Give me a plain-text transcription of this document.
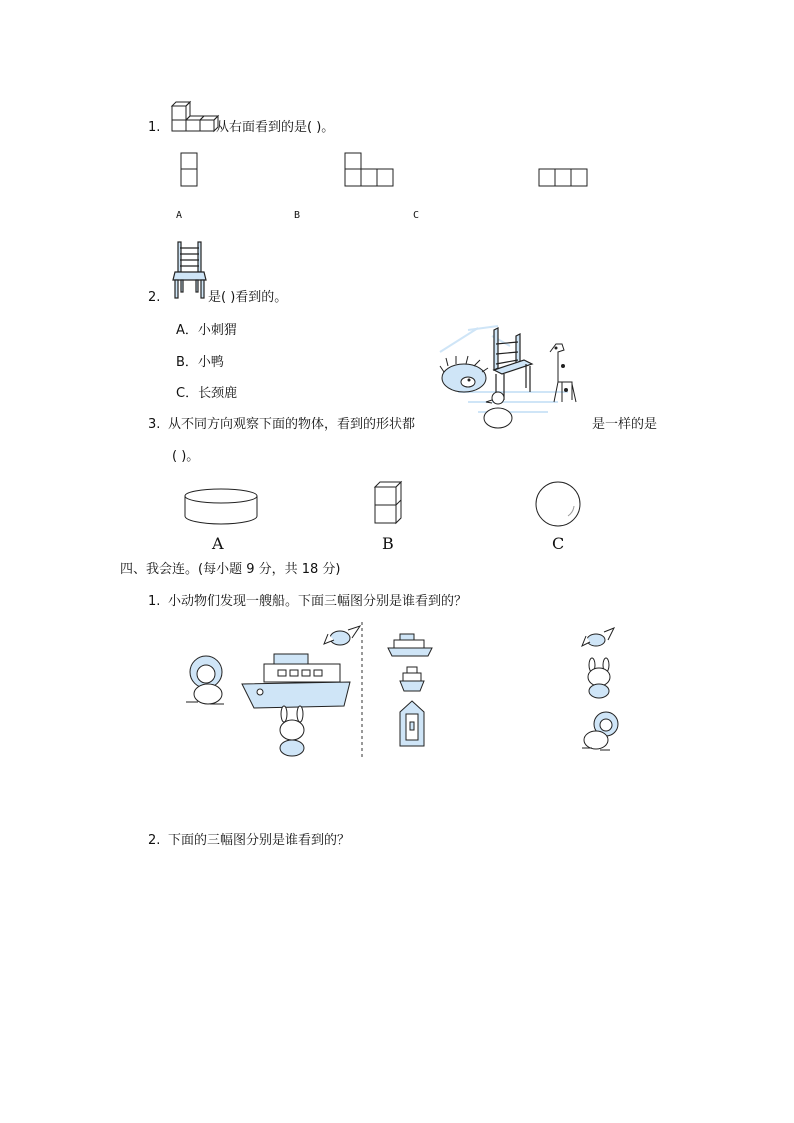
1.	从右面看到的是( )。
A	B	C
2.	是( )看到的。
A．小刺猬
B．小鸭
C．长颈鹿
3. 从不同方向观察下面的物体，看到的形状都	是一样的是
( )。
A	B	C
四、我会连。(每小题 9 分，共 18 分)
1. 小动物们发现一艘船。下面三幅图分别是谁看到的？
2. 下面的三幅图分别是谁看到的？
